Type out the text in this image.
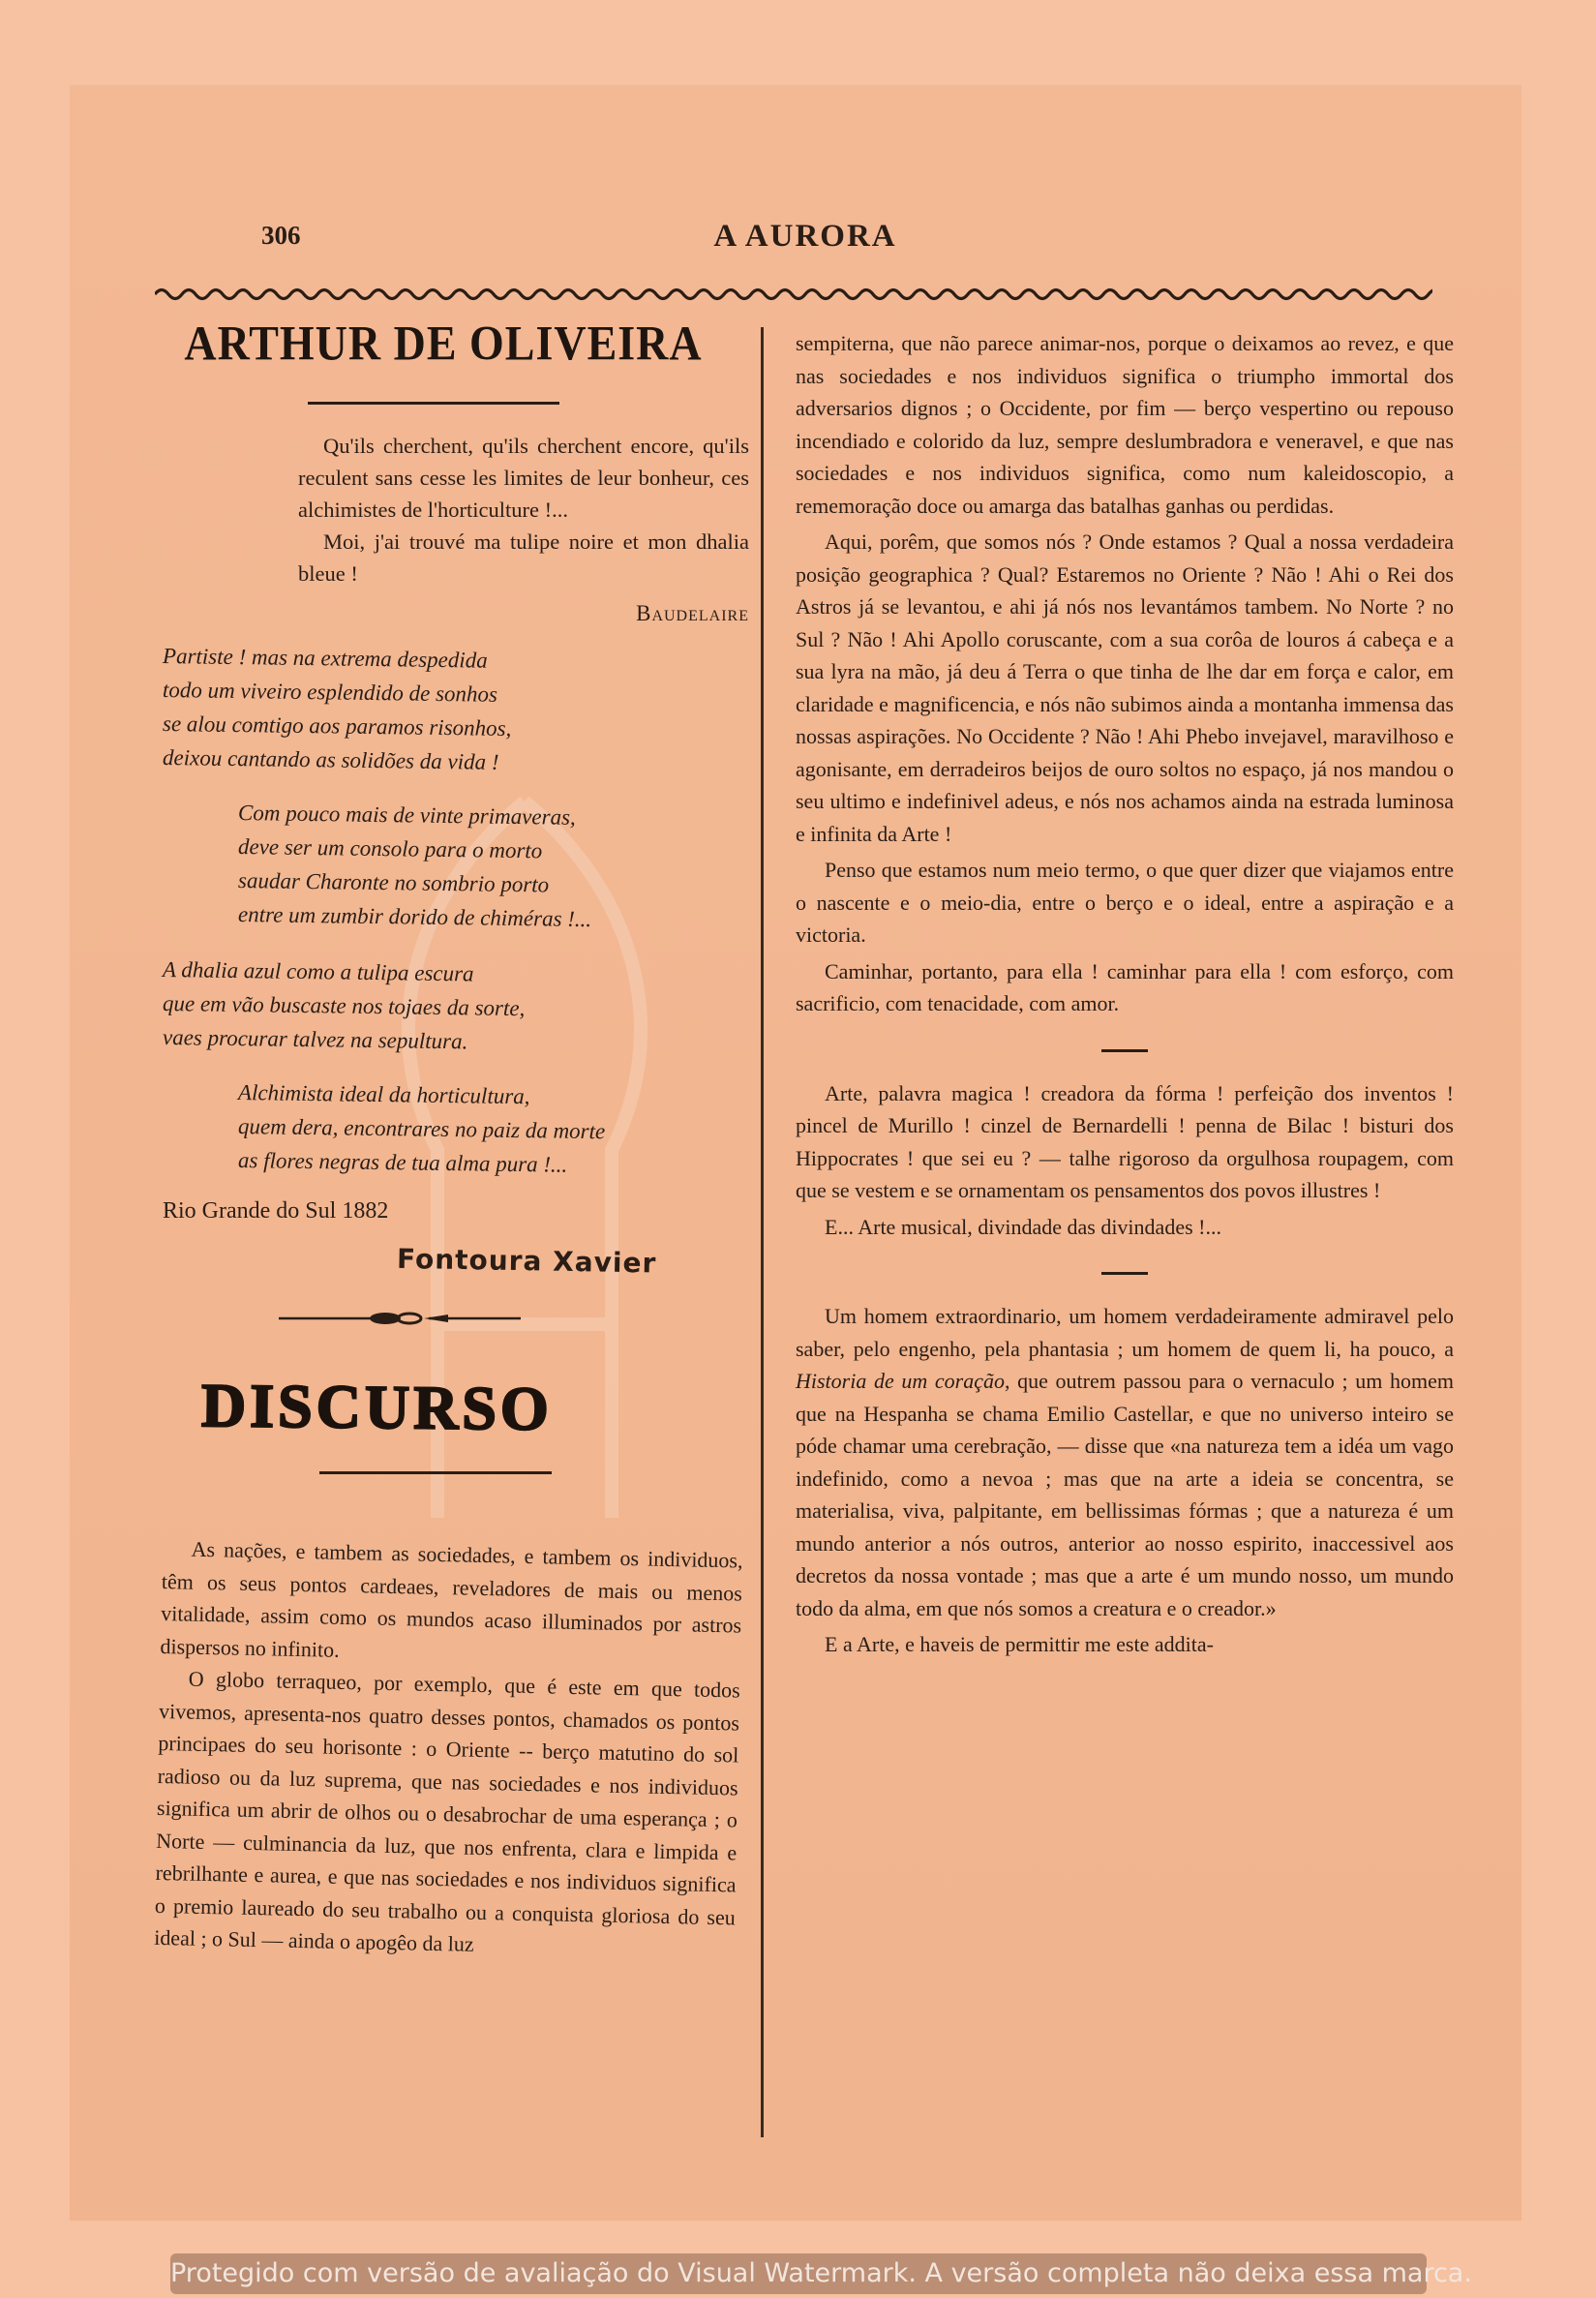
306	A AURORA
ARTHUR DE OLIVEIRA

Qu'ils cherchent, qu'ils cherchent encore, qu'ils reculent sans cesse les limites de leur bonheur, ces alchimistes de l'horticulture !...

Moi, j'ai trouvé ma tulipe noire et mon dhalia bleue !

Baudelaire
Partiste ! mas na extrema despedida
todo um viveiro esplendido de sonhos
se alou comtigo aos paramos risonhos,
deixou cantando as solidões da vida !
Com pouco mais de vinte primaveras,
deve ser um consolo para o morto
saudar Charonte no sombrio porto
entre um zumbir dorido de chiméras !...
A dhalia azul como a tulipa escura
que em vão buscaste nos tojaes da sorte,
vaes procurar talvez na sepultura.
Alchimista ideal da horticultura,
quem dera, encontrares no paiz da morte
as flores negras de tua alma pura !...
Rio Grande do Sul 1882
Fontoura Xavier
DISCURSO

As nações, e tambem as sociedades, e tambem os individuos, têm os seus pontos cardeaes, reveladores de mais ou menos vitalidade, assim como os mundos acaso illuminados por astros dispersos no infinito.

O globo terraqueo, por exemplo, que é este em que todos vivemos, apresenta-nos quatro desses pontos, chamados os pontos principaes do seu horisonte : o Oriente -- berço matutino do sol radioso ou da luz suprema, que nas sociedades e nos individuos significa um abrir de olhos ou o desabrochar de uma esperança ; o Norte — culminancia da luz, que nos enfrenta, clara e limpida e rebrilhante e aurea, e que nas sociedades e nos individuos significa o premio laureado do seu trabalho ou a conquista gloriosa do seu ideal ; o Sul — ainda o apogêo da luz

sempiterna, que não parece animar-nos, porque o deixamos ao revez, e que nas sociedades e nos individuos significa o triumpho immortal dos adversarios dignos ; o Occidente, por fim — berço vespertino ou repouso incendiado e colorido da luz, sempre deslumbradora e veneravel, e que nas sociedades e nos individuos significa, como num kaleidoscopio, a rememoração doce ou amarga das batalhas ganhas ou perdidas.

Aqui, porêm, que somos nós ? Onde estamos ? Qual a nossa verdadeira posição geographica ? Qual? Estaremos no Oriente ? Não ! Ahi o Rei dos Astros já se levantou, e ahi já nós nos levantámos tambem. No Norte ? no Sul ? Não ! Ahi Apollo coruscante, com a sua corôa de louros á cabeça e a sua lyra na mão, já deu á Terra o que tinha de lhe dar em força e calor, em claridade e magnificencia, e nós não subimos ainda a montanha immensa das nossas aspirações. No Occidente ? Não ! Ahi Phebo invejavel, maravilhoso e agonisante, em derradeiros beijos de ouro soltos no espaço, já nos mandou o seu ultimo e indefinivel adeus, e nós nos achamos ainda na estrada luminosa e infinita da Arte !

Penso que estamos num meio termo, o que quer dizer que viajamos entre o nascente e o meio-dia, entre o berço e o ideal, entre a aspiração e a victoria.

Caminhar, portanto, para ella ! caminhar para ella ! com esforço, com sacrificio, com tenacidade, com amor.

Arte, palavra magica ! creadora da fórma ! perfeição dos inventos ! pincel de Murillo ! cinzel de Bernardelli ! penna de Bilac ! bisturi dos Hippocrates ! que sei eu ? — talhe rigoroso da orgulhosa roupagem, com que se vestem e se ornamentam os pensamentos dos povos illustres !

E... Arte musical, divindade das divindades !...

Um homem extraordinario, um homem verdadeiramente admiravel pelo saber, pelo engenho, pela phantasia ; um homem de quem li, ha pouco, a Historia de um coração, que outrem passou para o vernaculo ; um homem que na Hespanha se chama Emilio Castellar, e que no universo inteiro se póde chamar uma cerebração, — disse que «na natureza tem a idéa um vago indefinido, como a nevoa ; mas que na arte a ideia se concentra, se materialisa, viva, palpitante, em bellissimas fórmas ; que a natureza é um mundo anterior a nós outros, anterior ao nosso espirito, inaccessivel aos decretos da nossa vontade ; mas que a arte é um mundo nosso, um mundo todo da alma, em que nós somos a creatura e o creador.»

E a Arte, e haveis de permittir me este addita-

Protegido com versão de avaliação do Visual Watermark. A versão completa não deixa essa marca.
